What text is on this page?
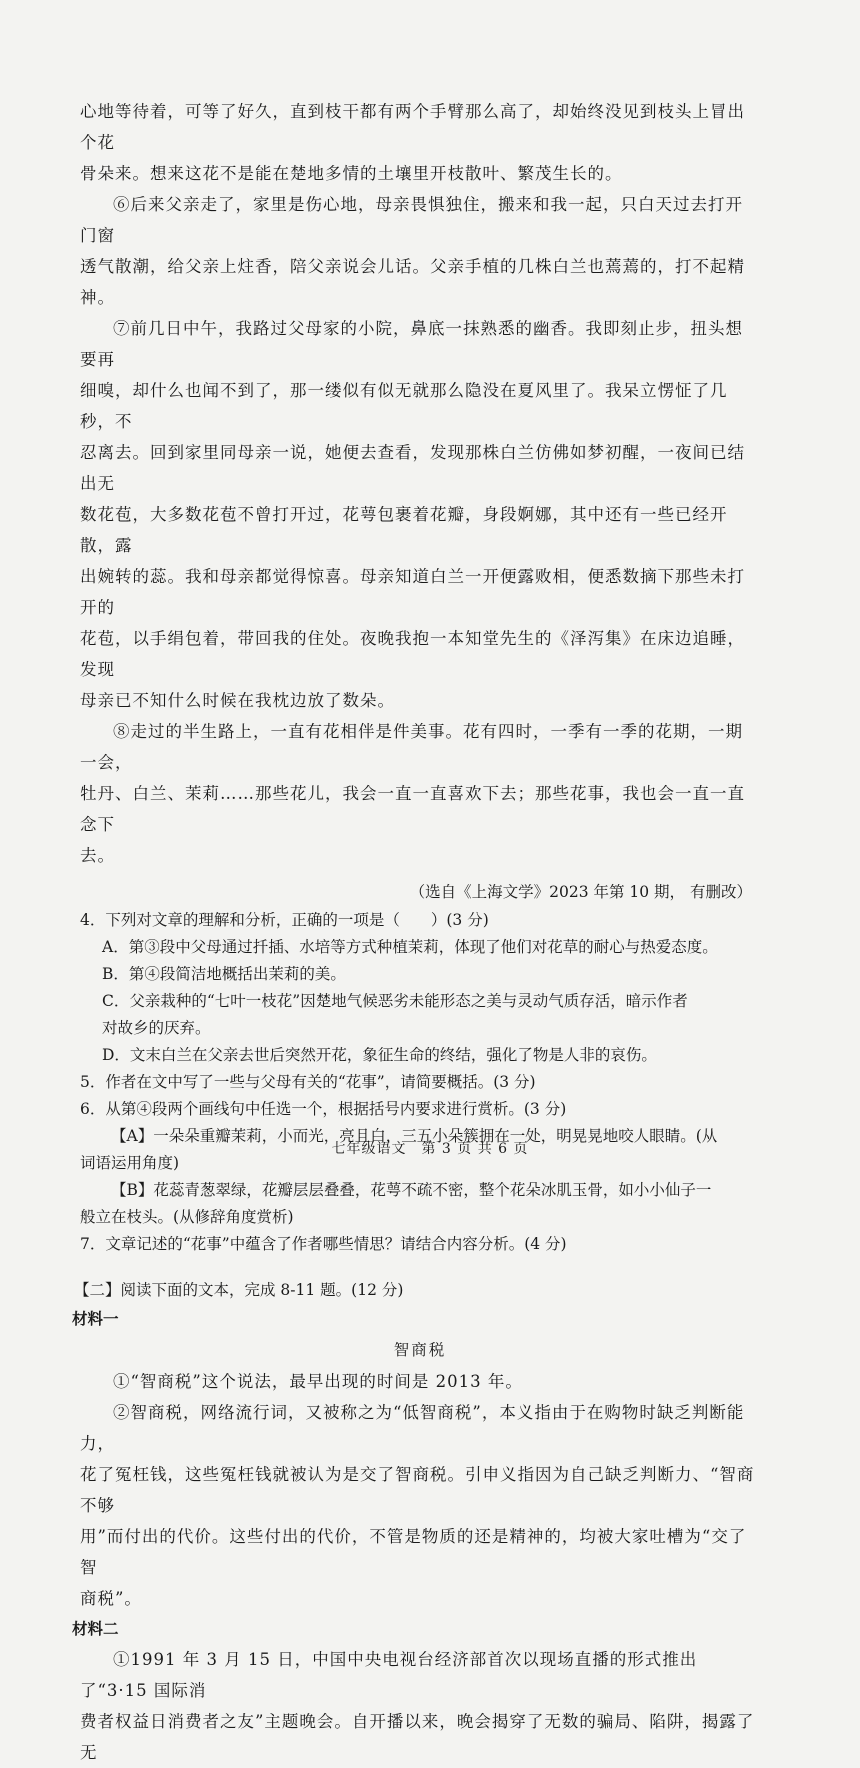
心地等待着，可等了好久，直到枝干都有两个手臂那么高了，却始终没见到枝头上冒出个花
骨朵来。想来这花不是能在楚地多情的土壤里开枝散叶、繁茂生长的。

⑥后来父亲走了，家里是伤心地，母亲畏惧独住，搬来和我一起，只白天过去打开门窗
透气散潮，给父亲上炷香，陪父亲说会儿话。父亲手植的几株白兰也蔫蔫的，打不起精神。

⑦前几日中午，我路过父母家的小院，鼻底一抹熟悉的幽香。我即刻止步，扭头想要再
细嗅，却什么也闻不到了，那一缕似有似无就那么隐没在夏风里了。我呆立愣怔了几秒，不
忍离去。回到家里同母亲一说，她便去查看，发现那株白兰仿佛如梦初醒，一夜间已结出无
数花苞，大多数花苞不曾打开过，花萼包裹着花瓣，身段婀娜，其中还有一些已经开散，露
出婉转的蕊。我和母亲都觉得惊喜。母亲知道白兰一开便露败相，便悉数摘下那些未打开的
花苞，以手绢包着，带回我的住处。夜晚我抱一本知堂先生的《泽泻集》在床边追睡，发现
母亲已不知什么时候在我枕边放了数朵。

⑧走过的半生路上，一直有花相伴是件美事。花有四时，一季有一季的花期，一期一会，
牡丹、白兰、茉莉……那些花儿，我会一直一直喜欢下去；那些花事，我也会一直一直念下
去。

（选自《上海文学》2023 年第 10 期， 有删改）

4．下列对文章的理解和分析，正确的一项是（　　）(3 分)

A．第③段中父母通过扦插、水培等方式种植茉莉，体现了他们对花草的耐心与热爱态度。

B．第④段简洁地概括出茉莉的美。

C．父亲栽种的“七叶一枝花”因楚地气候恶劣未能形态之美与灵动气质存活，暗示作者
对故乡的厌弃。

D．文末白兰在父亲去世后突然开花，象征生命的终结，强化了物是人非的哀伤。

5．作者在文中写了一些与父母有关的“花事”，请简要概括。(3 分)

6．从第④段两个画线句中任选一个，根据括号内要求进行赏析。(3 分)

【A】一朵朵重瓣茉莉，小而光，亮且白，三五小朵簇拥在一处，明晃晃地咬人眼睛。(从
词语运用角度)

【B】花蕊青葱翠绿，花瓣层层叠叠，花萼不疏不密，整个花朵冰肌玉骨，如小小仙子一
般立在枝头。(从修辞角度赏析)

7．文章记述的“花事”中蕴含了作者哪些情思？请结合内容分析。(4 分)

【二】阅读下面的文本，完成 8-11 题。(12 分)

材料一

智商税

①“智商税”这个说法，最早出现的时间是 2013 年。

②智商税，网络流行词，又被称之为“低智商税”，本义指由于在购物时缺乏判断能力，
花了冤枉钱，这些冤枉钱就被认为是交了智商税。引申义指因为自己缺乏判断力、“智商不够
用”而付出的代价。这些付出的代价，不管是物质的还是精神的，均被大家吐槽为“交了智
商税”。

材料二

①1991 年 3 月 15 日，中国中央电视台经济部首次以现场直播的形式推出了“3·15 国际消
费者权益日消费者之友”主题晚会。自开播以来，晚会揭穿了无数的骗局、陷阱，揭露了无

七年级语文　第 3 页 共 6 页
